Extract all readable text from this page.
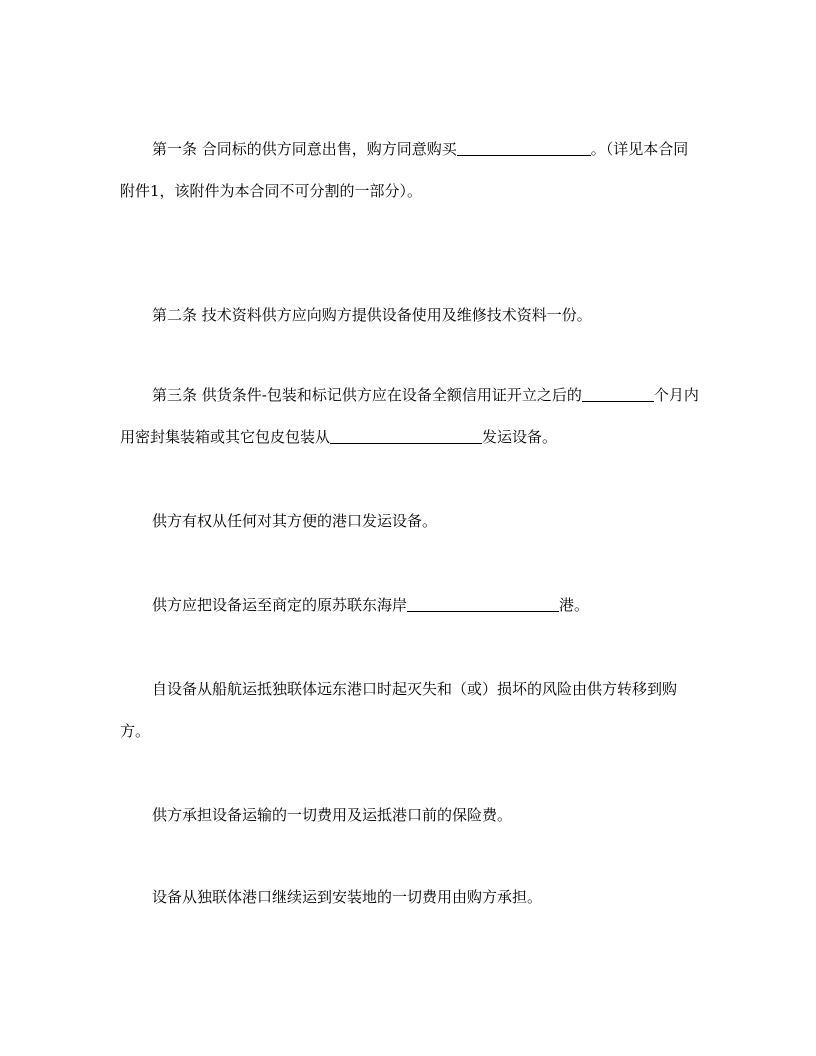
第一条 合同标的供方同意出售，购方同意购买	。（详见本合同附件1，该附件为本合同不可分割的一部分）。

第二条 技术资料供方应向购方提供设备使用及维修技术资料一份。

第三条 供货条件-包装和标记供方应在设备全额信用证开立之后的	个月内用密封集装箱或其它包皮包装从	发运设备。

供方有权从任何对其方便的港口发运设备。

供方应把设备运至商定的原苏联东海岸	港。

自设备从船航运抵独联体远东港口时起灭失和（或）损坏的风险由供方转移到购方。

供方承担设备运输的一切费用及运抵港口前的保险费。

设备从独联体港口继续运到安装地的一切费用由购方承担。
